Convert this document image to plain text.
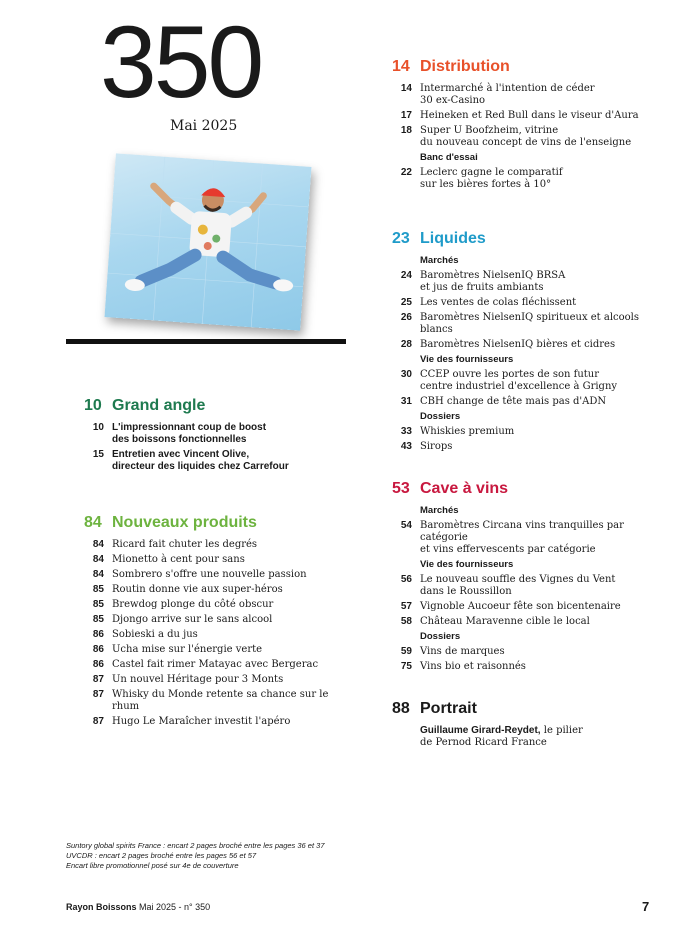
350
Mai 2025
14 Distribution
14 Intermarché à l'intention de céder
30 ex-Casino
17 Heineken et Red Bull dans le viseur d'Aura
18 Super U Boofzheim, vitrine
du nouveau concept de vins de l'enseigne
Banc d'essai
22 Leclerc gagne le comparatif
sur les bières fortes à 10°
23 Liquides
Marchés
24 Baromètres NielsenIQ BRSA
et jus de fruits ambiants
25 Les ventes de colas fléchissent
26 Baromètres NielsenIQ spiritueux et alcools blancs
28 Baromètres NielsenIQ bières et cidres
Vie des fournisseurs
30 CCEP ouvre les portes de son futur
centre industriel d'excellence à Grigny
31 CBH change de tête mais pas d'ADN
Dossiers
33 Whiskies premium
43 Sirops
10 Grand angle
10 L'impressionnant coup de boost
des boissons fonctionnelles
15 Entretien avec Vincent Olive,
directeur des liquides chez Carrefour
84 Nouveaux produits
84 Ricard fait chuter les degrés
84 Mionetto à cent pour sans
84 Sombrero s'offre une nouvelle passion
85 Routin donne vie aux super-héros
85 Brewdog plonge du côté obscur
85 Djongo arrive sur le sans alcool
86 Sobieski a du jus
86 Ucha mise sur l'énergie verte
86 Castel fait rimer Matayac avec Bergerac
87 Un nouvel Héritage pour 3 Monts
87 Whisky du Monde retente sa chance sur le rhum
87 Hugo Le Maraîcher investit l'apéro
53 Cave à vins
Marchés
54 Baromètres Circana vins tranquilles par catégorie
et vins effervescents par catégorie
Vie des fournisseurs
56 Le nouveau souffle des Vignes du Vent
dans le Roussillon
57 Vignoble Aucoeur fête son bicentenaire
58 Château Maravenne cible le local
Dossiers
59 Vins de marques
75 Vins bio et raisonnés
88 Portrait
Guillaume Girard-Reydet, le pilier
de Pernod Ricard France
Suntory global spirits France : encart 2 pages broché entre les pages 36 et 37
UVCDR : encart 2 pages broché entre les pages 56 et 57
Encart libre promotionnel posé sur 4e de couverture
Rayon Boissons Mai 2025 - n° 350	7
